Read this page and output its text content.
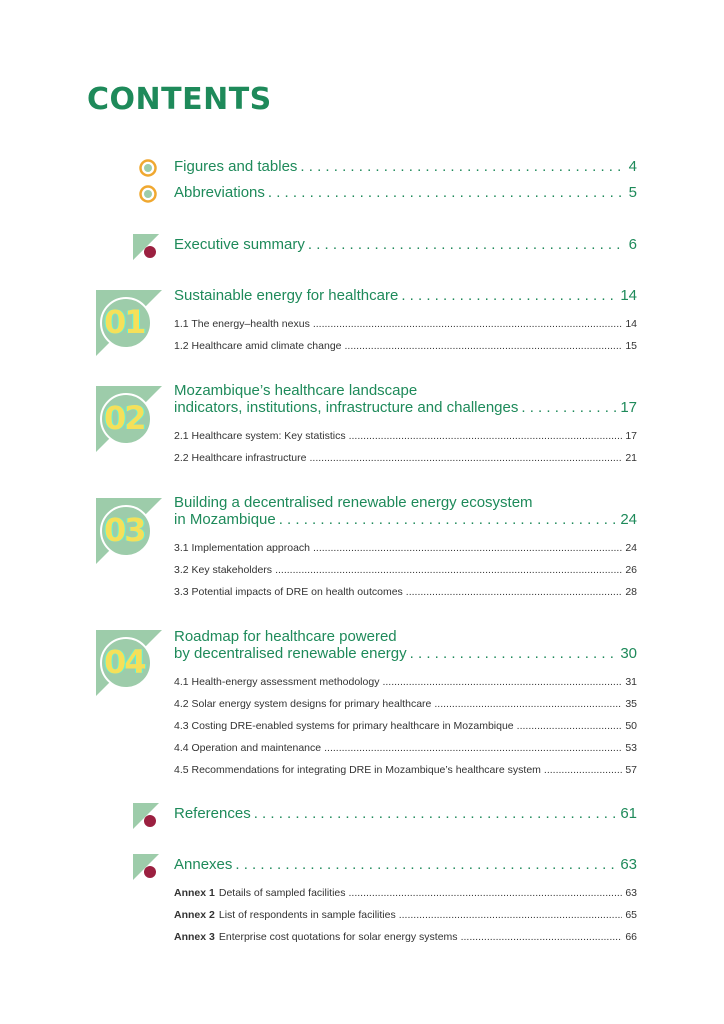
CONTENTS
Figures and tables . . .	4
Abbreviations . . .	5
Executive summary . . .	6
01
Sustainable energy for healthcare . . .	14
1.1 The energy–health nexus .....	14
1.2 Healthcare amid climate change .....	15
02
Mozambique’s healthcare landscape
indicators, institutions, infrastructure and challenges . . .	17
2.1 Healthcare system: Key statistics .....	17
2.2 Healthcare infrastructure .....	21
03
Building a decentralised renewable energy ecosystem
in Mozambique . . .	24
3.1 Implementation approach .....	24
3.2 Key stakeholders .....	26
3.3 Potential impacts of DRE on health outcomes .....	28
04
Roadmap for healthcare powered
by decentralised renewable energy . . .	30
4.1 Health-energy assessment methodology .....	31
4.2 Solar energy system designs for primary healthcare .....	35
4.3 Costing DRE-enabled systems for primary healthcare in Mozambique .....	50
4.4 Operation and maintenance .....	53
4.5 Recommendations for integrating DRE in Mozambique’s healthcare system .....	57
References . . .	61
Annexes . . .	63
Annex 1 Details of sampled facilities .....	63
Annex 2 List of respondents in sample facilities .....	65
Annex 3 Enterprise cost quotations for solar energy systems .....	66
